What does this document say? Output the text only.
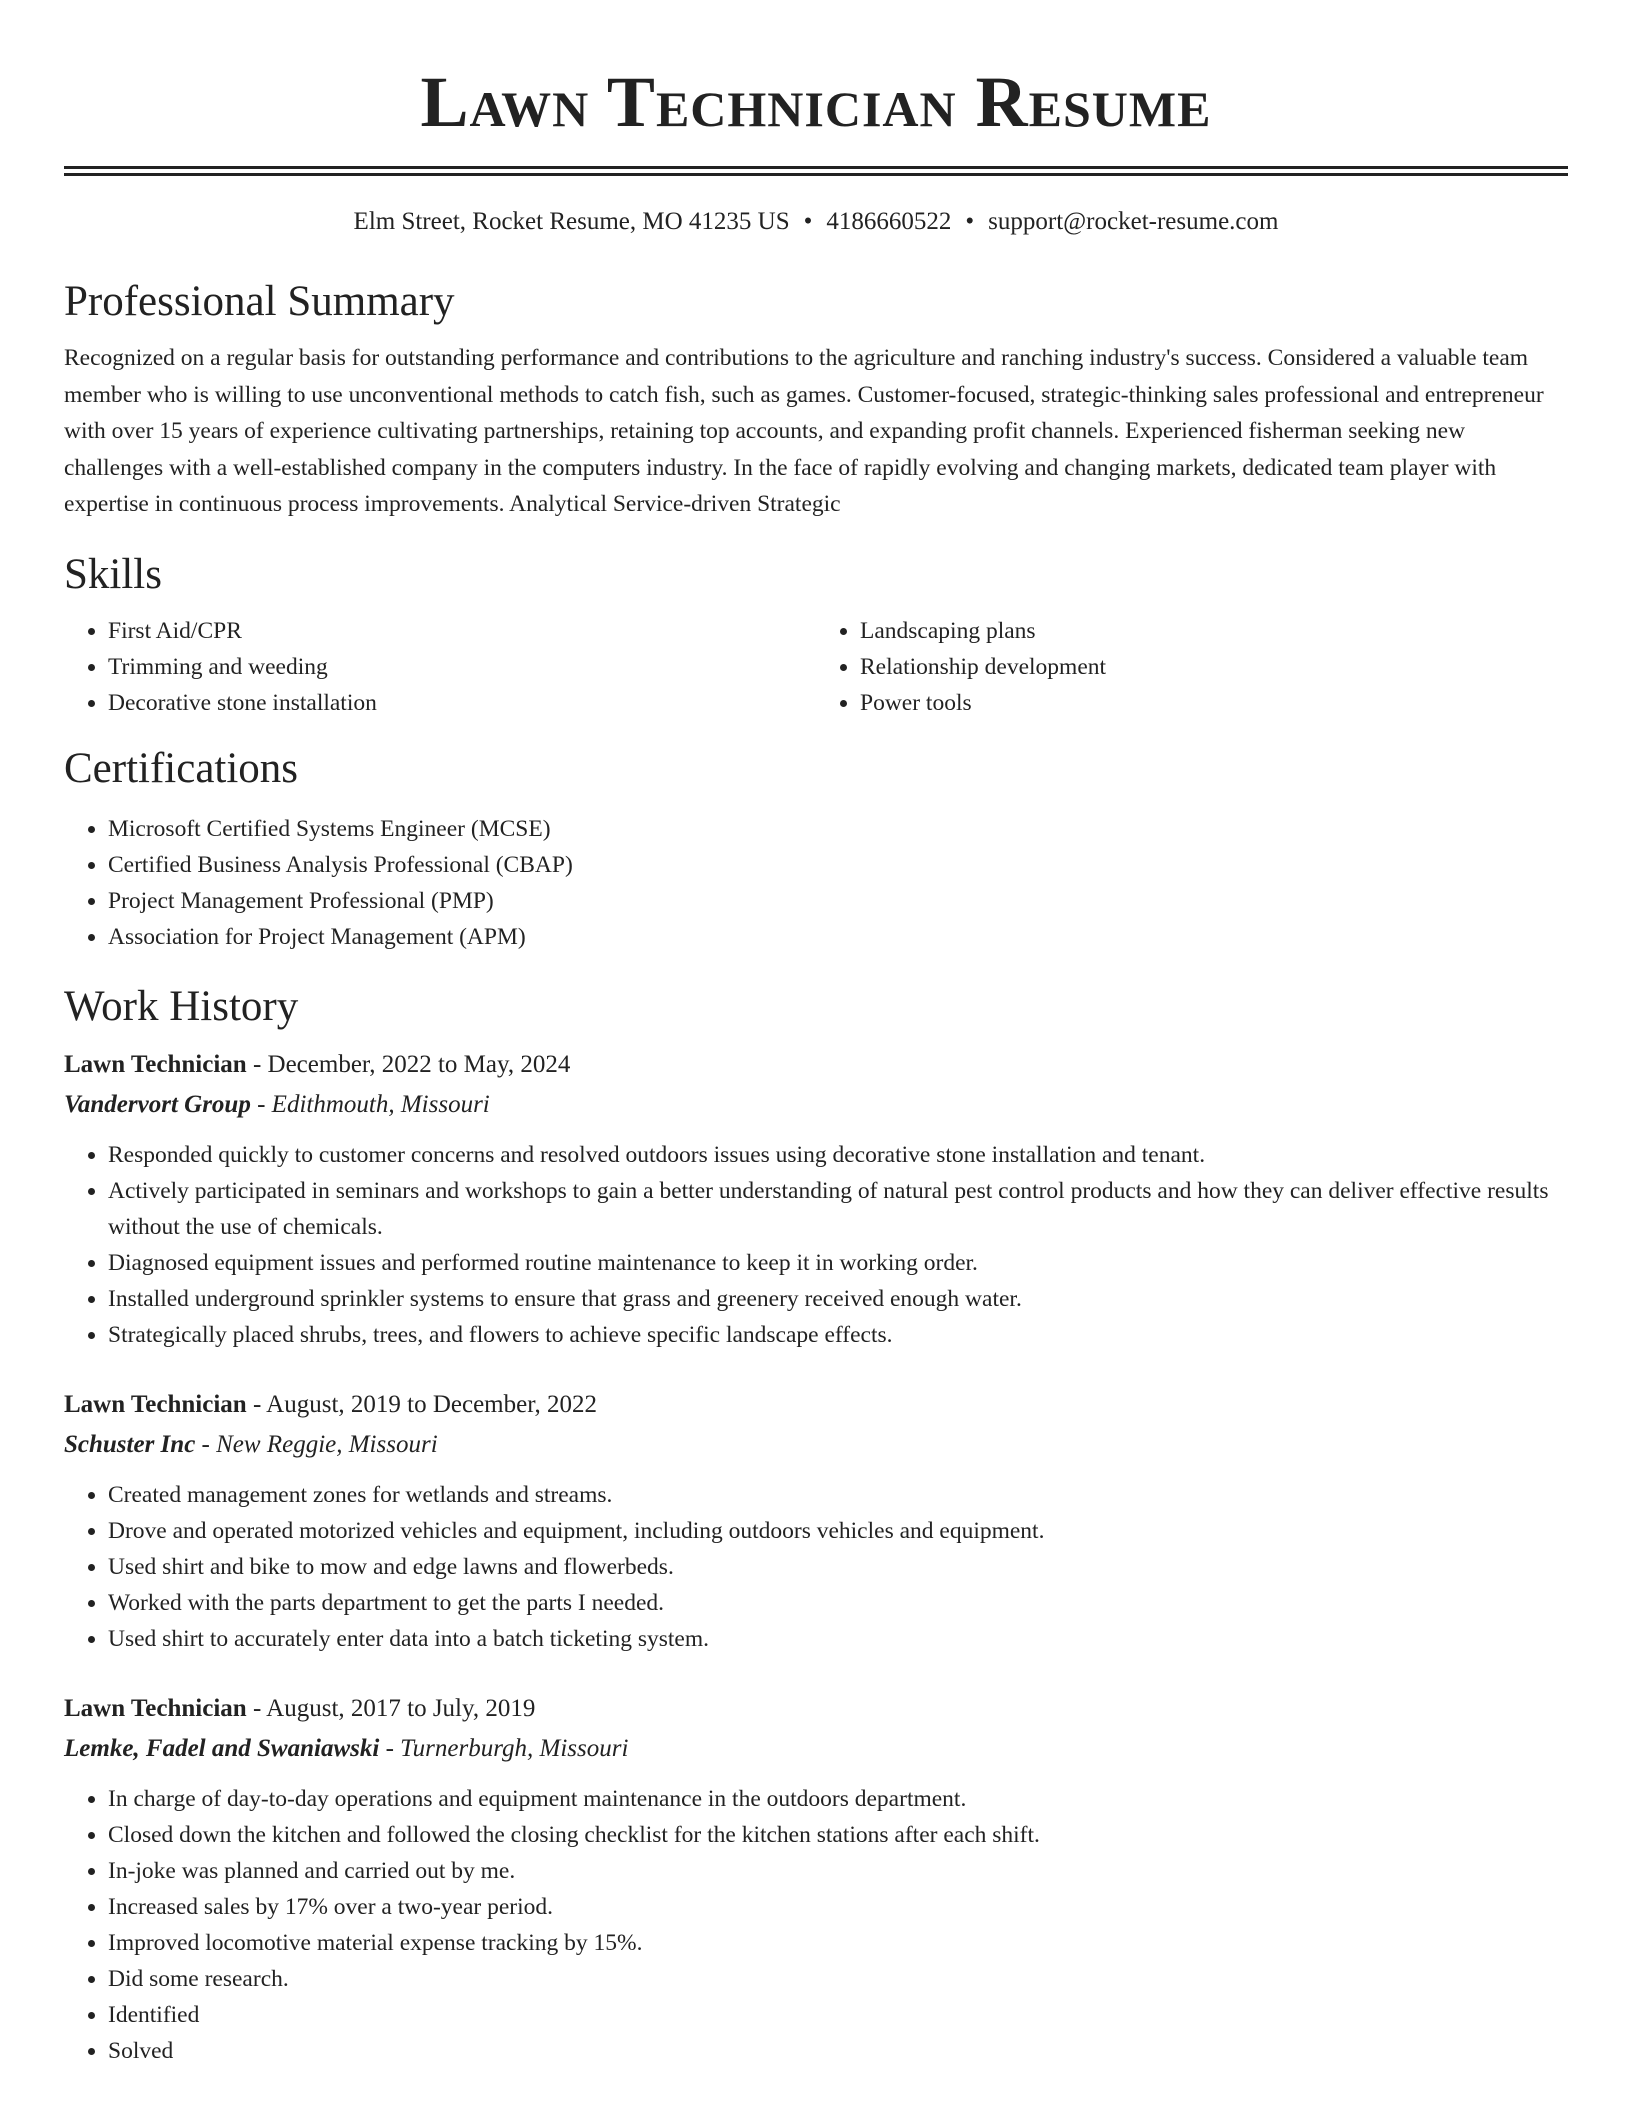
Lawn Technician Resume
Elm Street, Rocket Resume, MO 41235 US • 4186660522 • support@rocket-resume.com
Professional Summary

Recognized on a regular basis for outstanding performance and contributions to the agriculture and ranching industry's success. Considered a valuable team member who is willing to use unconventional methods to catch fish, such as games. Customer-focused, strategic-thinking sales professional and entrepreneur with over 15 years of experience cultivating partnerships, retaining top accounts, and expanding profit channels. Experienced fisherman seeking new challenges with a well-established company in the computers industry. In the face of rapidly evolving and changing markets, dedicated team player with expertise in continuous process improvements. Analytical Service-driven Strategic

Skills
• First Aid/CPR
• Trimming and weeding
• Decorative stone installation
• Landscaping plans
• Relationship development
• Power tools
Certifications
• Microsoft Certified Systems Engineer (MCSE)
• Certified Business Analysis Professional (CBAP)
• Project Management Professional (PMP)
• Association for Project Management (APM)
Work History
Lawn Technician - December, 2022 to May, 2024
Vandervort Group - Edithmouth, Missouri
• Responded quickly to customer concerns and resolved outdoors issues using decorative stone installation and tenant.
• Actively participated in seminars and workshops to gain a better understanding of natural pest control products and how they can deliver effective results without the use of chemicals.
• Diagnosed equipment issues and performed routine maintenance to keep it in working order.
• Installed underground sprinkler systems to ensure that grass and greenery received enough water.
• Strategically placed shrubs, trees, and flowers to achieve specific landscape effects.
Lawn Technician - August, 2019 to December, 2022
Schuster Inc - New Reggie, Missouri
• Created management zones for wetlands and streams.
• Drove and operated motorized vehicles and equipment, including outdoors vehicles and equipment.
• Used shirt and bike to mow and edge lawns and flowerbeds.
• Worked with the parts department to get the parts I needed.
• Used shirt to accurately enter data into a batch ticketing system.
Lawn Technician - August, 2017 to July, 2019
Lemke, Fadel and Swaniawski - Turnerburgh, Missouri
• In charge of day-to-day operations and equipment maintenance in the outdoors department.
• Closed down the kitchen and followed the closing checklist for the kitchen stations after each shift.
• In-joke was planned and carried out by me.
• Increased sales by 17% over a two-year period.
• Improved locomotive material expense tracking by 15%.
• Did some research.
• Identified
• Solved
